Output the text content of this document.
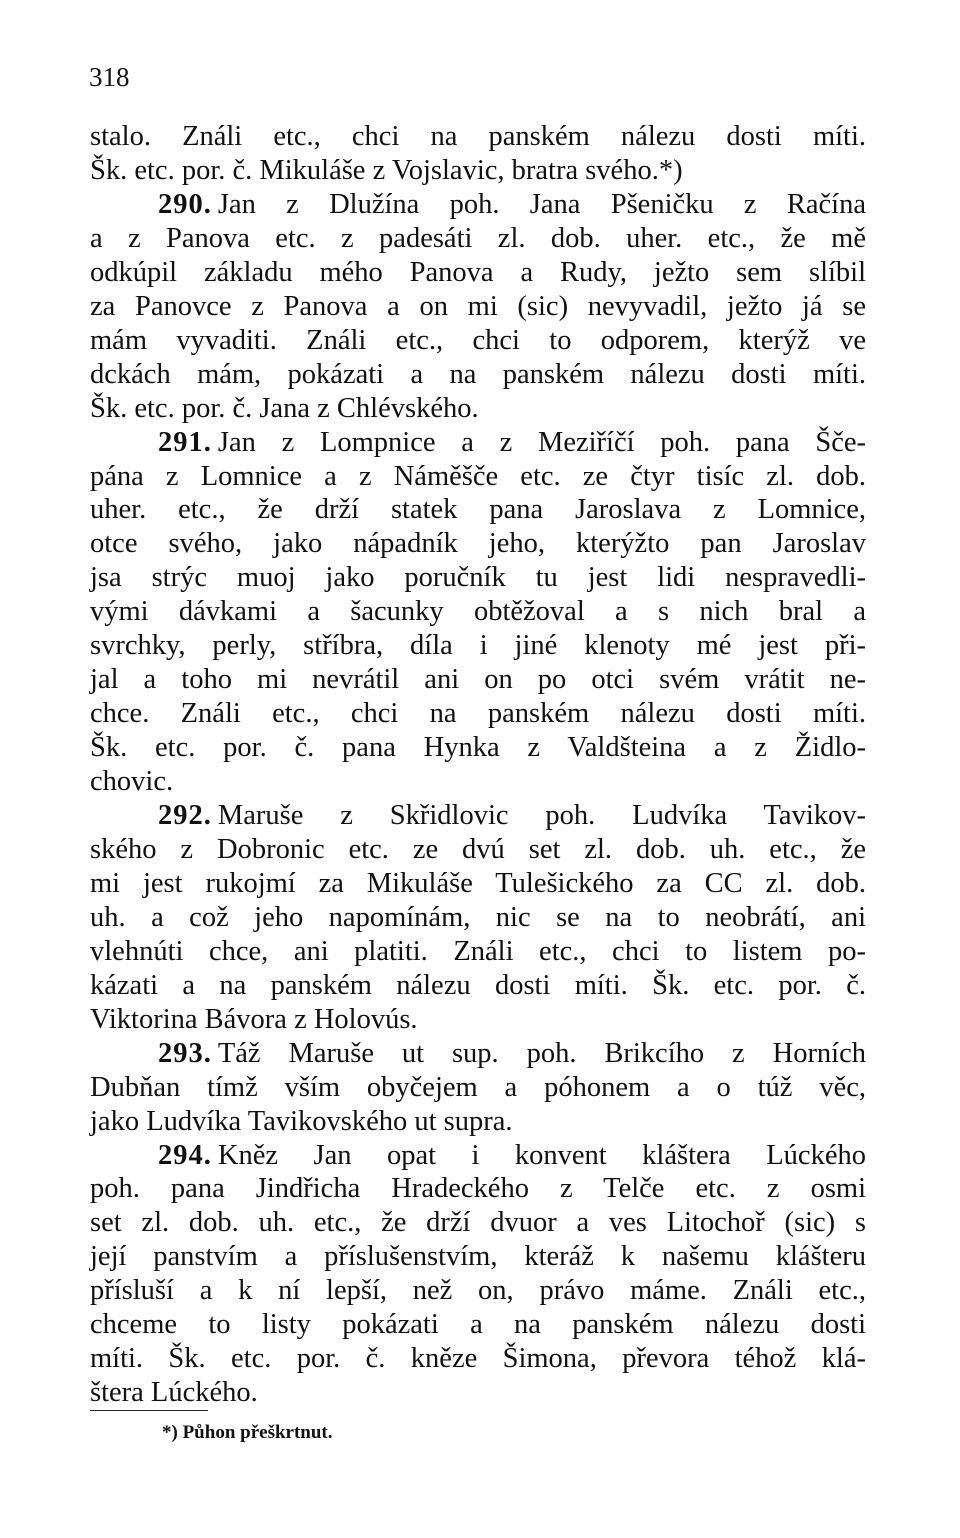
318
stalo. Ználi etc., chci na panském nálezu dosti míti.
Šk. etc. por. č. Mikuláše z Vojslavic, bratra svého.*)
290. Jan z Dlužína poh. Jana Pšeničku z Račína
a z Panova etc. z padesáti zl. dob. uher. etc., že mě
odkúpil základu mého Panova a Rudy, ježto sem slíbil
za Panovce z Panova a on mi (sic) nevyvadil, ježto já se
mám vyvaditi. Ználi etc., chci to odporem, kterýž ve
dckách mám, pokázati a na panském nálezu dosti míti.
Šk. etc. por. č. Jana z Chlévského.
291. Jan z Lompnice a z Meziříčí poh. pana Ščе-
pána z Lomnice a z Náměšče etc. ze čtyr tisíc zl. dob.
uher. etc., že drží statek pana Jaroslava z Lomnice,
otce svého, jako nápadník jeho, kterýžto pan Jaroslav
jsa strýc muoj jako poručník tu jest lidi nespravedli-
vými dávkami a šacunky obtěžoval a s nich bral a
svrchky, perly, stříbra, díla i jiné klenoty mé jest při-
jal a toho mi nevrátil ani on po otci svém vrátit ne-
chce. Ználi etc., chci na panském nálezu dosti míti.
Šk. etc. por. č. pana Hynka z Valdšteina a z Židlo-
chovic.
292. Maruše z Skřidlovic poh. Ludvíka Tavikov-
ského z Dobronic etc. ze dvú set zl. dob. uh. etc., že
mi jest rukojmí za Mikuláše Tulešického za CC zl. dob.
uh. a což jeho napomínám, nic se na to neobrátí, ani
vlehnúti chce, ani platiti. Ználi etc., chci to listem po-
kázati a na panském nálezu dosti míti. Šk. etc. por. č.
Viktorina Bávora z Holovús.
293. Táž Maruše ut sup. poh. Brikcího z Horních
Dubňan tímž vším obyčejem a póhonem a o túž věc,
jako Ludvíka Tavikovského ut supra.
294. Kněz Jan opat i konvent kláštera Lúckého
poh. pana Jindřicha Hradeckého z Telče etc. z osmi
set zl. dob. uh. etc., že drží dvuor a ves Litochoř (sic) s
její panstvím a příslušenstvím, kteráž k našemu klášteru
přísluší a k ní lepší, než on, právo máme. Ználi etc.,
chceme to listy pokázati a na panském nálezu dosti
míti. Šk. etc. por. č. kněze Šimona, převora téhož klá-
štera Lúckého.
*) Půhon přeškrtnut.
